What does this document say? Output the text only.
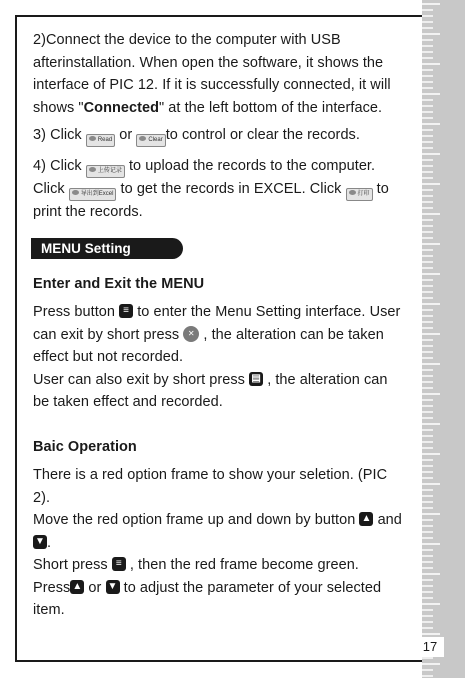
17

2)Connect the device to the computer with USB afterinstallation. When open the software, it shows the interface of PIC 12. If it is successfully connected, it will shows "Connected" at the left bottom of the interface.

3) Click	Read or	Clear to control or clear the records.

4) Click	上传记录 to upload the records to the computer. Click	导出到Excel to get the records in EXCEL. Click	打印 to print the records.

MENU Setting

Enter and Exit the MENU

Press button ≡ to enter the Menu Setting interface. User can exit by short press	✕ , the alteration can be taken effect but not recorded.
User can also exit by short press ▤ , the alteration can be taken effect and recorded.

Baic Operation

There is a red option frame to show your seletion. (PIC 2).
Move the red option frame up and down by button ▲ and
▼ .
Short press ≡ , then the red frame become green.
Press ▲ or ▼ to adjust the parameter of your selected item.
